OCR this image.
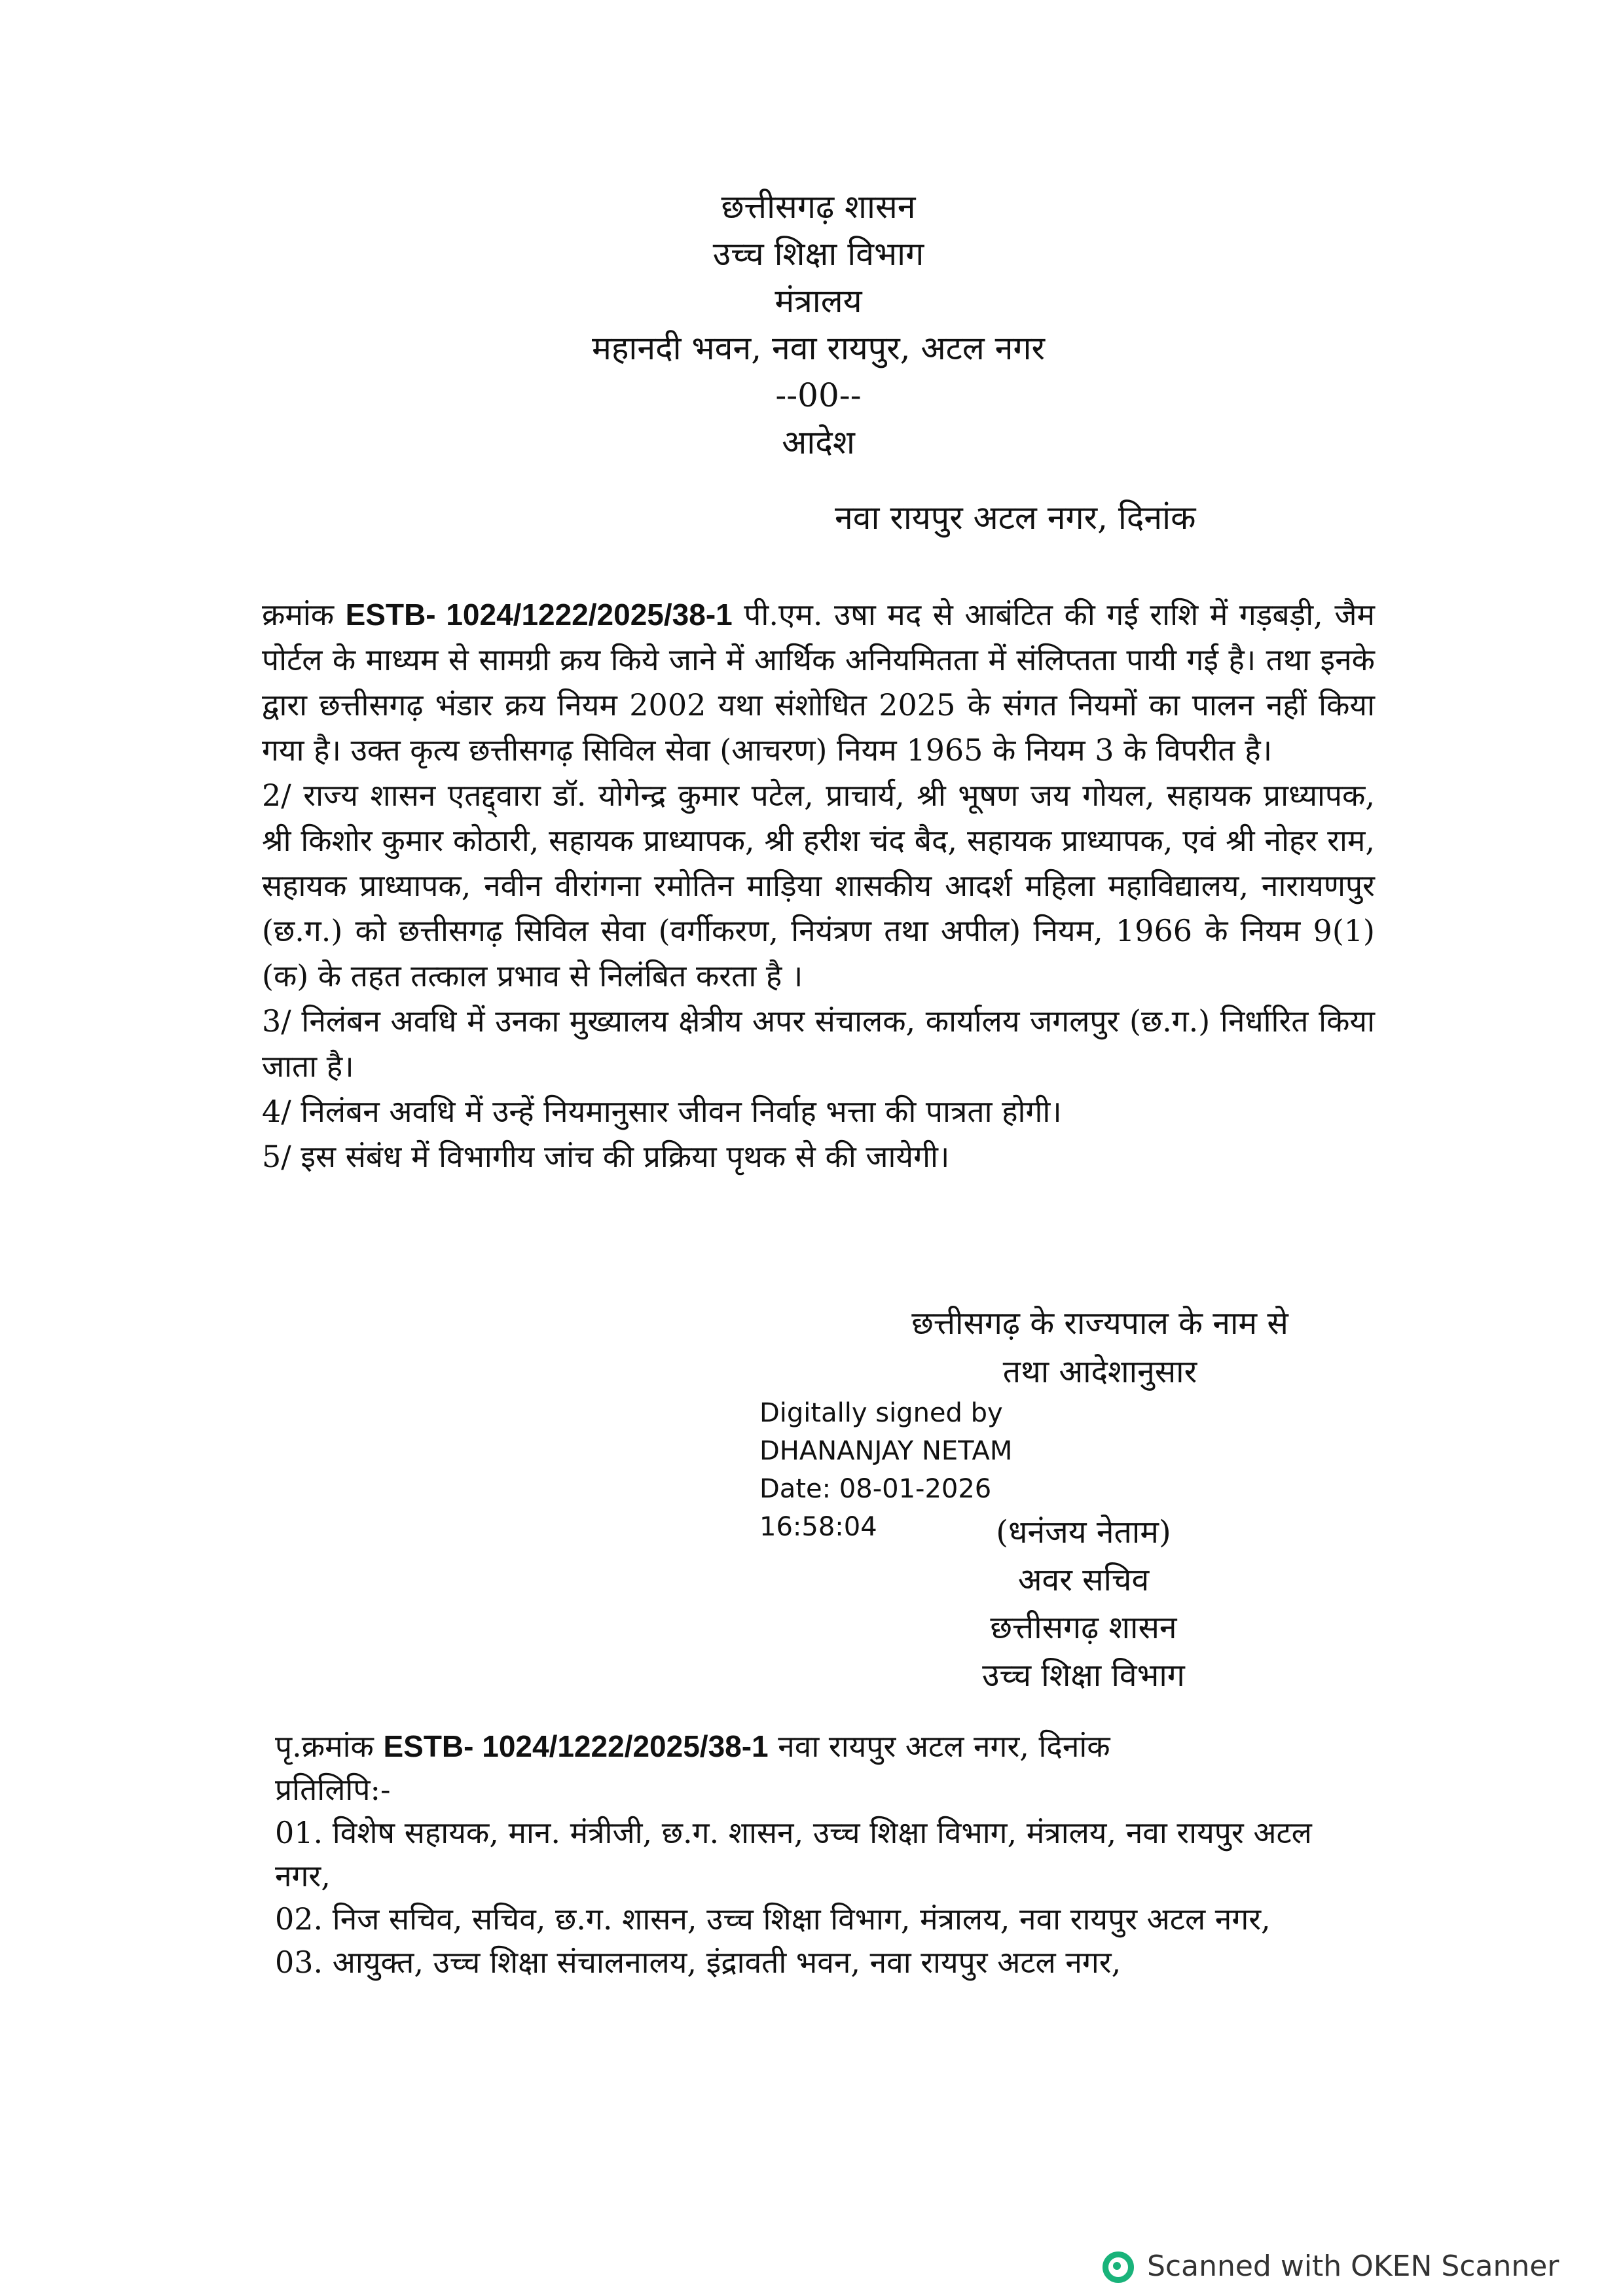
छत्तीसगढ़ शासन
उच्च शिक्षा विभाग
मंत्रालय
महानदी भवन, नवा रायपुर, अटल नगर
--00--
आदेश
नवा रायपुर अटल नगर, दिनांक

क्रमांक ESTB- 1024/1222/2025/38-1 पी.एम. उषा मद से आबंटित की गई राशि में गड़बड़ी, जैम पोर्टल के माध्यम से सामग्री क्रय किये जाने में आर्थिक अनियमितता में संलिप्तता पायी गई है। तथा इनके द्वारा छत्तीसगढ़ भंडार क्रय नियम 2002 यथा संशोधित 2025 के संगत नियमों का पालन नहीं किया गया है। उक्त कृत्य छत्तीसगढ़ सिविल सेवा (आचरण) नियम 1965 के नियम 3 के विपरीत है।

2/ राज्य शासन एतद्द्वारा डॉ. योगेन्द्र कुमार पटेल, प्राचार्य, श्री भूषण जय गोयल, सहायक प्राध्यापक, श्री किशोर कुमार कोठारी, सहायक प्राध्यापक, श्री हरीश चंद बैद, सहायक प्राध्यापक, एवं श्री नोहर राम, सहायक प्राध्यापक, नवीन वीरांगना रमोतिन माड़िया शासकीय आदर्श महिला महाविद्यालय, नारायणपुर (छ.ग.) को छत्तीसगढ़ सिविल सेवा (वर्गीकरण, नियंत्रण तथा अपील) नियम, 1966 के नियम 9(1)(क) के तहत तत्काल प्रभाव से निलंबित करता है ।

3/ निलंबन अवधि में उनका मुख्यालय क्षेत्रीय अपर संचालक, कार्यालय जगलपुर (छ.ग.) निर्धारित किया जाता है।

4/ निलंबन अवधि में उन्हें नियमानुसार जीवन निर्वाह भत्ता की पात्रता होगी।

5/ इस संबंध में विभागीय जांच की प्रक्रिया पृथक से की जायेगी।

छत्तीसगढ़ के राज्यपाल के नाम से
तथा आदेशानुसार
Digitally signed by
DHANANJAY NETAM
Date: 08-01-2026
16:58:04	(धनंजय नेताम)
अवर सचिव
छत्तीसगढ़ शासन
उच्च शिक्षा विभाग

पृ.क्रमांक ESTB- 1024/1222/2025/38-1 नवा रायपुर अटल नगर, दिनांक

प्रतिलिपि:-

01. विशेष सहायक, मान. मंत्रीजी, छ.ग. शासन, उच्च शिक्षा विभाग, मंत्रालय, नवा रायपुर अटल नगर,

02. निज सचिव, सचिव, छ.ग. शासन, उच्च शिक्षा विभाग, मंत्रालय, नवा रायपुर अटल नगर,

03. आयुक्त, उच्च शिक्षा संचालनालय, इंद्रावती भवन, नवा रायपुर अटल नगर,

Scanned with OKEN Scanner
